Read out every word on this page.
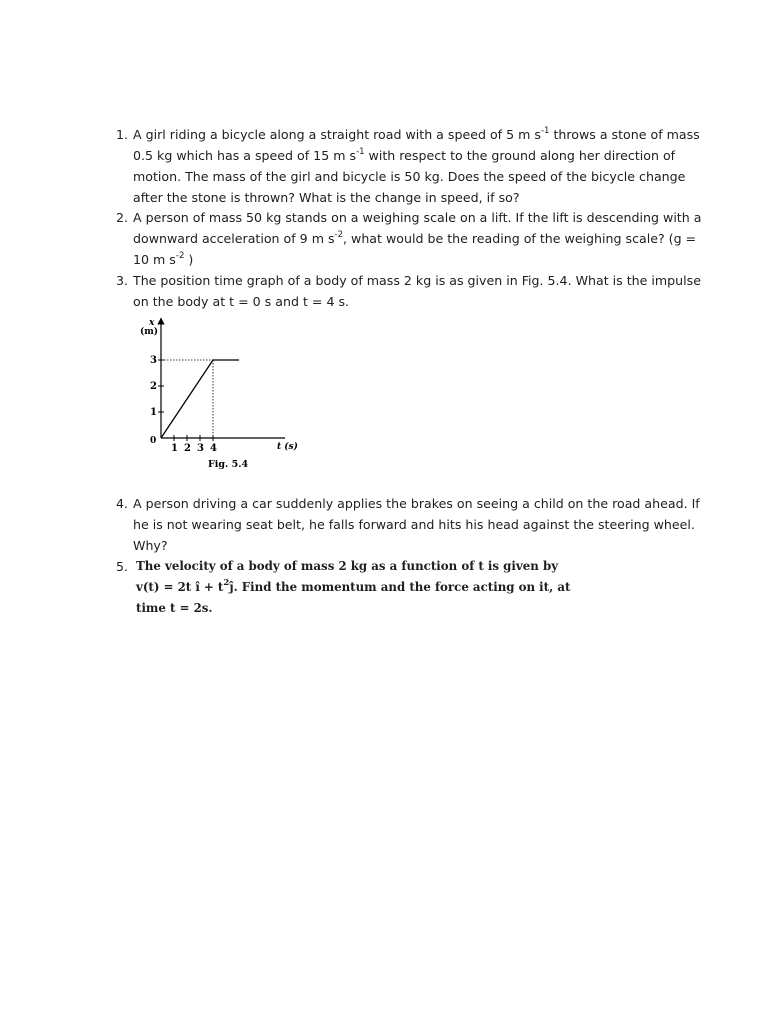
1. A girl riding a bicycle along a straight road with a speed of 5 m $s^{-1}$ throws a stone of mass 0.5 kg which has a speed of 15 m $s^{-1}$ with respect to the ground along her direction of motion. The mass of the girl and bicycle is 50 kg. Does the speed of the bicycle change after the stone is thrown? What is the change in speed, if so?
2. A person of mass 50 kg stands on a weighing scale on a lift. If the lift is descending with a downward acceleration of 9 m $s^{-2}$, what would be the reading of the weighing scale? (g = 10 m $s^{-2}$ )
3. The position time graph of a body of mass 2 kg is as given in Fig. 5.4. What is the impulse on the body at t = 0 s and t = 4 s.
x
(m)
0
t (s)
1 2 3 4
1
2
3
Fig. 5.4
4. A person driving a car suddenly applies the brakes on seeing a child on the road ahead. If he is not wearing seat belt, he falls forward and hits his head against the steering wheel. Why?
5. The velocity of a body of mass 2 kg as a function of t is given by
v(t) = 2t î + $t^2ĵ$. Find the momentum and the force acting on it, at
time t = 2s.
